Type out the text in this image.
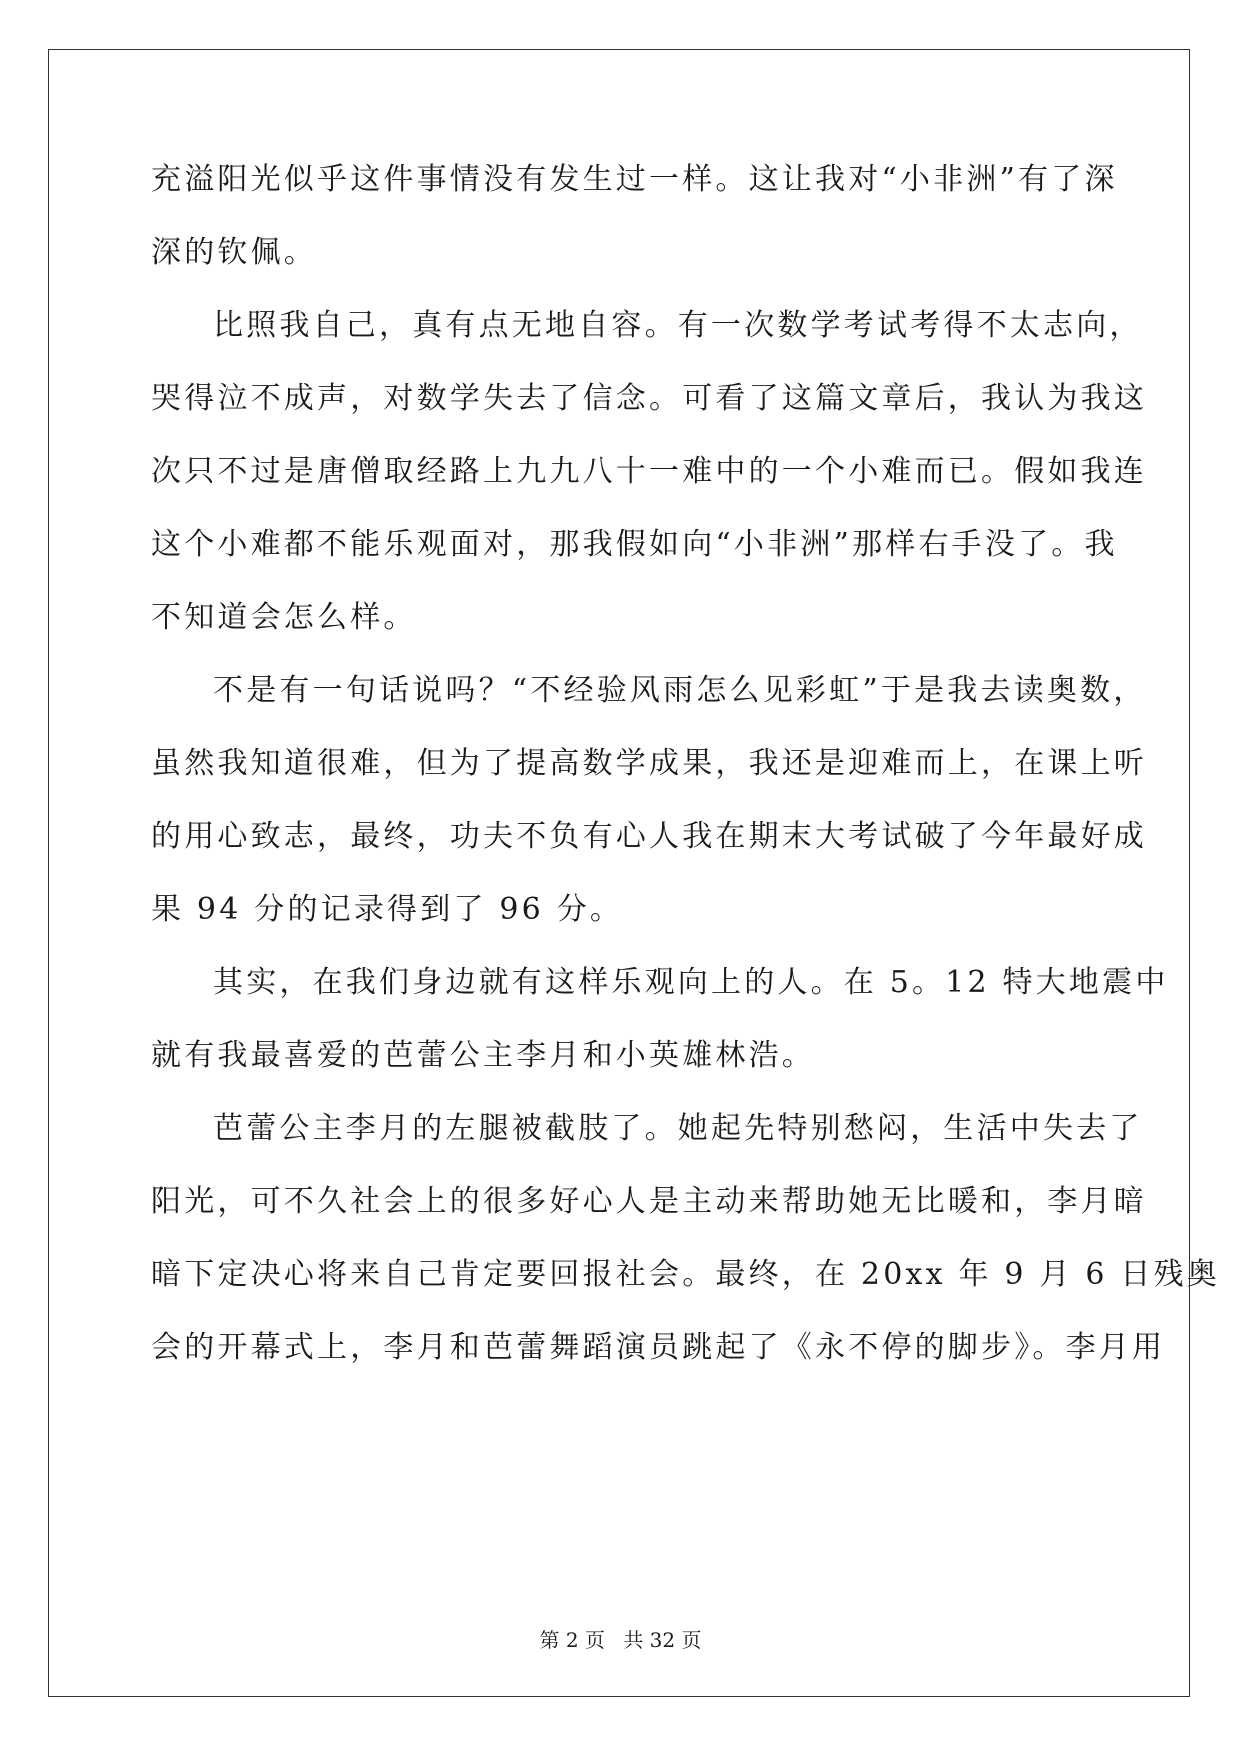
充溢阳光似乎这件事情没有发生过一样。这让我对“小非洲”有了深
深的钦佩。
比照我自己，真有点无地自容。有一次数学考试考得不太志向，
哭得泣不成声，对数学失去了信念。可看了这篇文章后，我认为我这
次只不过是唐僧取经路上九九八十一难中的一个小难而已。假如我连
这个小难都不能乐观面对，那我假如向“小非洲”那样右手没了。我
不知道会怎么样。
不是有一句话说吗？“不经验风雨怎么见彩虹”于是我去读奥数，
虽然我知道很难，但为了提高数学成果，我还是迎难而上，在课上听
的用心致志，最终，功夫不负有心人我在期末大考试破了今年最好成
果 94 分的记录得到了 96 分。
其实，在我们身边就有这样乐观向上的人。在 5。12 特大地震中
就有我最喜爱的芭蕾公主李月和小英雄林浩。
芭蕾公主李月的左腿被截肢了。她起先特别愁闷，生活中失去了
阳光，可不久社会上的很多好心人是主动来帮助她无比暖和，李月暗
暗下定决心将来自己肯定要回报社会。最终，在 20xx 年 9 月 6 日残奥
会的开幕式上，李月和芭蕾舞蹈演员跳起了《永不停的脚步》。李月用
第 2 页 共 32 页
